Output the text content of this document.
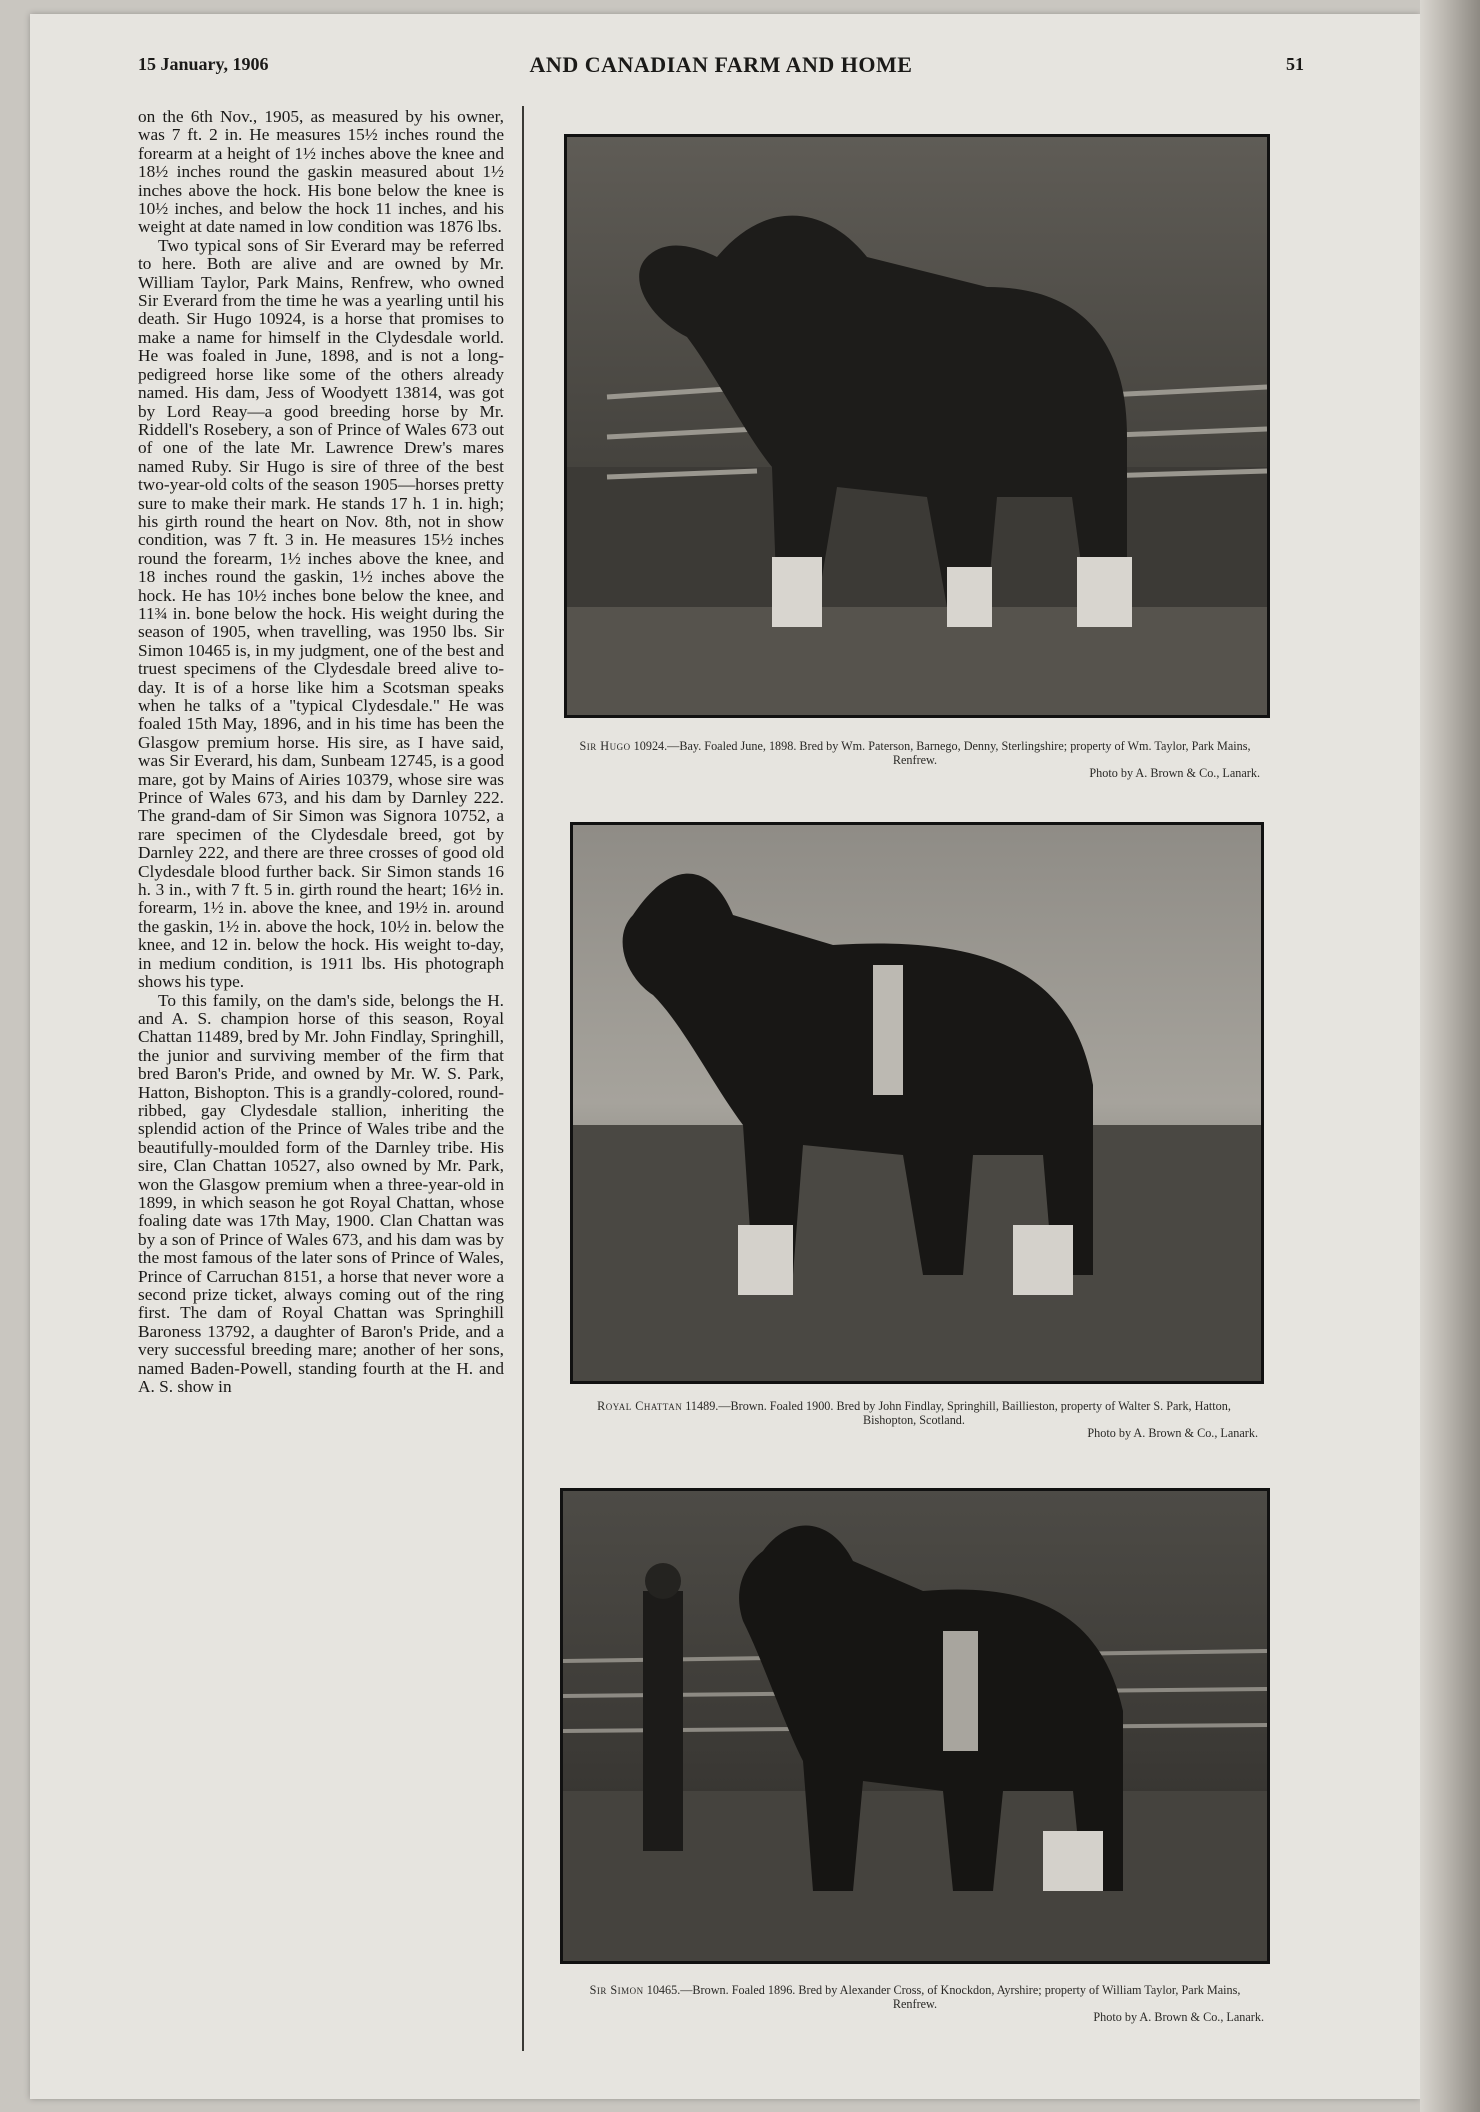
15 January, 1906	AND CANADIAN FARM AND HOME	51

on the 6th Nov., 1905, as measured by his owner, was 7 ft. 2 in. He measures 15½ inches round the forearm at a height of 1½ inches above the knee and 18½ inches round the gaskin measured about 1½ inches above the hock. His bone below the knee is 10½ inches, and below the hock 11 inches, and his weight at date named in low condition was 1876 lbs.

Two typical sons of Sir Everard may be referred to here. Both are alive and are owned by Mr. William Taylor, Park Mains, Renfrew, who owned Sir Everard from the time he was a yearling until his death. Sir Hugo 10924, is a horse that promises to make a name for himself in the Clydesdale world. He was foaled in June, 1898, and is not a long-pedigreed horse like some of the others already named. His dam, Jess of Woodyett 13814, was got by Lord Reay—a good breeding horse by Mr. Riddell's Rosebery, a son of Prince of Wales 673 out of one of the late Mr. Lawrence Drew's mares named Ruby. Sir Hugo is sire of three of the best two-year-old colts of the season 1905—horses pretty sure to make their mark. He stands 17 h. 1 in. high; his girth round the heart on Nov. 8th, not in show condition, was 7 ft. 3 in. He measures 15½ inches round the forearm, 1½ inches above the knee, and 18 inches round the gaskin, 1½ inches above the hock. He has 10½ inches bone below the knee, and 11¾ in. bone below the hock. His weight during the season of 1905, when travelling, was 1950 lbs. Sir Simon 10465 is, in my judgment, one of the best and truest specimens of the Clydesdale breed alive to-day. It is of a horse like him a Scotsman speaks when he talks of a "typical Clydesdale." He was foaled 15th May, 1896, and in his time has been the Glasgow premium horse. His sire, as I have said, was Sir Everard, his dam, Sunbeam 12745, is a good mare, got by Mains of Airies 10379, whose sire was Prince of Wales 673, and his dam by Darnley 222. The grand-dam of Sir Simon was Signora 10752, a rare specimen of the Clydesdale breed, got by Darnley 222, and there are three crosses of good old Clydesdale blood further back. Sir Simon stands 16 h. 3 in., with 7 ft. 5 in. girth round the heart; 16½ in. forearm, 1½ in. above the knee, and 19½ in. around the gaskin, 1½ in. above the hock, 10½ in. below the knee, and 12 in. below the hock. His weight to-day, in medium condition, is 1911 lbs. His photograph shows his type.

To this family, on the dam's side, belongs the H. and A. S. champion horse of this season, Royal Chattan 11489, bred by Mr. John Findlay, Springhill, the junior and surviving member of the firm that bred Baron's Pride, and owned by Mr. W. S. Park, Hatton, Bishopton. This is a grandly-colored, round-ribbed, gay Clydesdale stallion, inheriting the splendid action of the Prince of Wales tribe and the beautifully-moulded form of the Darnley tribe. His sire, Clan Chattan 10527, also owned by Mr. Park, won the Glasgow premium when a three-year-old in 1899, in which season he got Royal Chattan, whose foaling date was 17th May, 1900. Clan Chattan was by a son of Prince of Wales 673, and his dam was by the most famous of the later sons of Prince of Wales, Prince of Carruchan 8151, a horse that never wore a second prize ticket, always coming out of the ring first. The dam of Royal Chattan was Springhill Baroness 13792, a daughter of Baron's Pride, and a very successful breeding mare; another of her sons, named Baden-Powell, standing fourth at the H. and A. S. show in

Sir Hugo 10924.—Bay. Foaled June, 1898. Bred by Wm. Paterson, Barnego, Denny, Sterlingshire; property of Wm. Taylor, Park Mains, Renfrew.
Photo by A. Brown & Co., Lanark.
Royal Chattan 11489.—Brown. Foaled 1900. Bred by John Findlay, Springhill, Baillieston, property of Walter S. Park, Hatton, Bishopton, Scotland.
Photo by A. Brown & Co., Lanark.
Sir Simon 10465.—Brown. Foaled 1896. Bred by Alexander Cross, of Knockdon, Ayrshire; property of William Taylor, Park Mains, Renfrew.
Photo by A. Brown & Co., Lanark.
